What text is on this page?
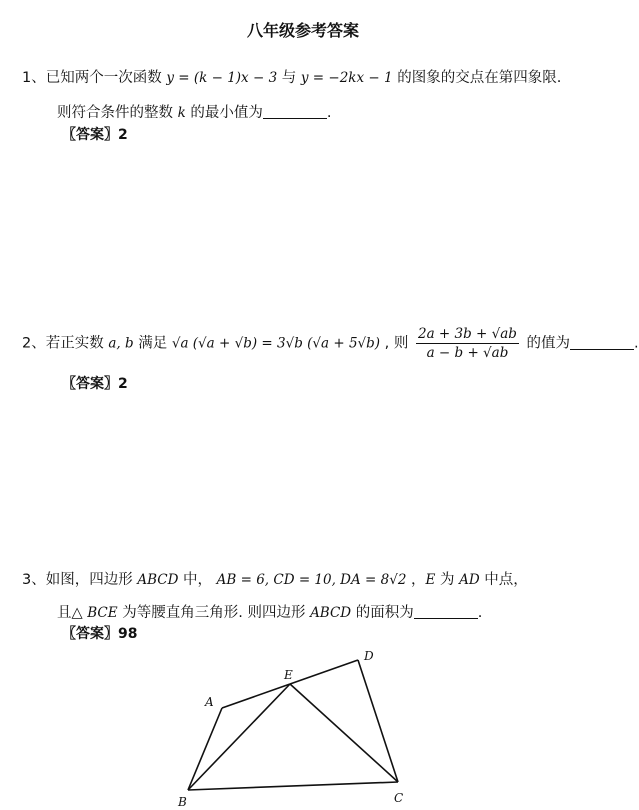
八年级参考答案
1、已知两个一次函数 y = (k − 1)x − 3 与 y = −2kx − 1 的图象的交点在第四象限.
则符合条件的整数 k 的最小值为	.
〖答案〗2
2、若正实数 a, b 满足 √a (√a + √b) = 3√b (√a + 5√b) , 则 $\frac{2a + 3b + √ab}{a - b + √ab}$ 的值为	.
〖答案〗2
3、如图，四边形 ABCD 中， AB = 6, CD = 10, DA = 8√2 ，E 为 AD 中点，
且△ BCE 为等腰直角三角形. 则四边形 ABCD 的面积为	.
〖答案〗98
A
E
D
B	C
